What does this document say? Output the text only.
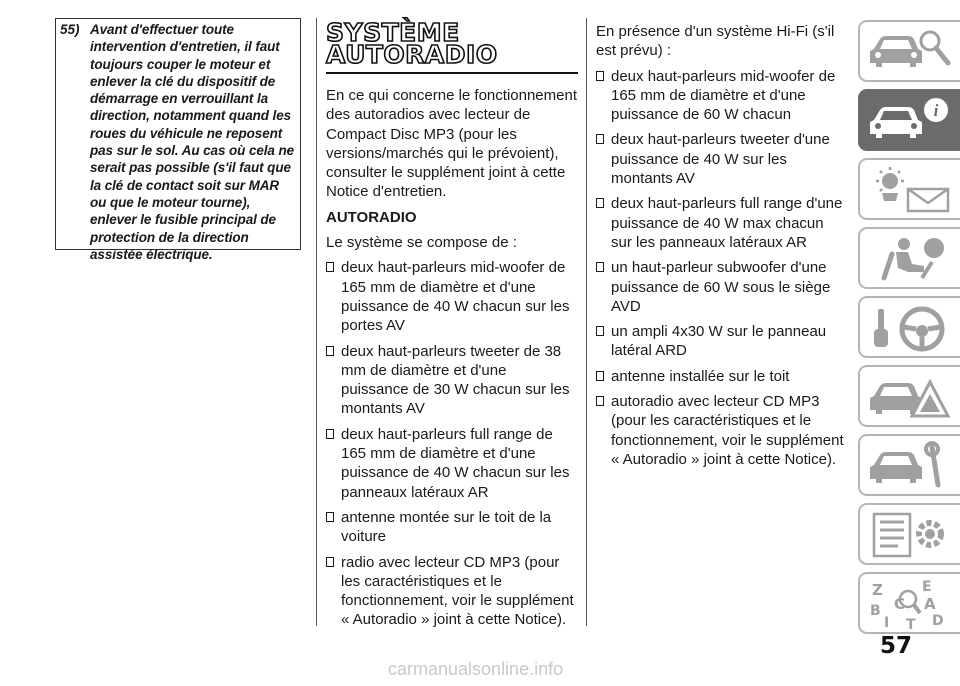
55) Avant d'effectuer toute intervention d'entretien, il faut toujours couper le moteur et enlever la clé du dispositif de démarrage en verrouillant la direction, notamment quand les roues du véhicule ne reposent pas sur le sol. Au cas où cela ne serait pas possible (s'il faut que la clé de contact soit sur MAR ou que le moteur tourne), enlever le fusible principal de protection de la direction assistée électrique.
SYSTÈME
AUTORADIO

En ce qui concerne le fonctionnement des autoradios avec lecteur de Compact Disc MP3 (pour les versions/marchés qui le prévoient), consulter le supplément joint à cette Notice d'entretien.

AUTORADIO

Le système se compose de :

deux haut-parleurs mid-woofer de 165 mm de diamètre et d'une puissance de 40 W chacun sur les portes AV
deux haut-parleurs tweeter de 38 mm de diamètre et d'une puissance de 30 W chacun sur les montants AV
deux haut-parleurs full range de 165 mm de diamètre et d'une puissance de 40 W chacun sur les panneaux latéraux AR
antenne montée sur le toit de la voiture
radio avec lecteur CD MP3 (pour les caractéristiques et le fonctionnement, voir le supplément « Autoradio » joint à cette Notice).

En présence d'un système Hi-Fi (s'il est prévu) :

deux haut-parleurs mid-woofer de 165 mm de diamètre et d'une puissance de 60 W chacun
deux haut-parleurs tweeter d'une puissance de 40 W sur les montants AV
deux haut-parleurs full range d'une puissance de 40 W max chacun sur les panneaux latéraux AR
un haut-parleur subwoofer d'une puissance de 60 W sous le siège AVD
un ampli 4x30 W sur le panneau latéral ARD
antenne installée sur le toit
autoradio avec lecteur CD MP3 (pour les caractéristiques et le fonctionnement, voir le supplément « Autoradio » joint à cette Notice).
i
Z	E
A
B
D
I
C
T
57
carmanualsonline.info
